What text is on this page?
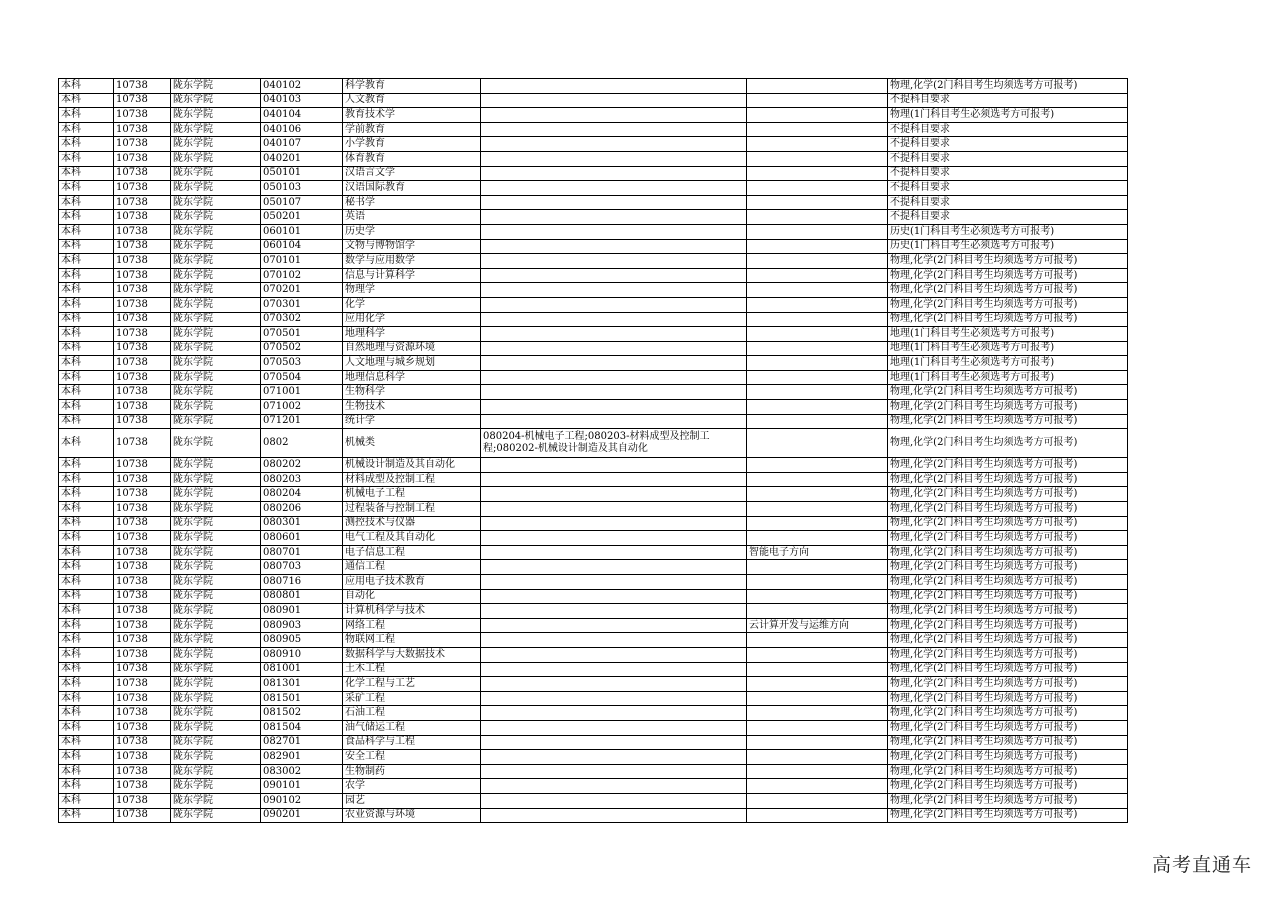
本科	10738	陇东学院	040102	科学教育			物理,化学(2门科目考生均须选考方可报考)
本科	10738	陇东学院	040103	人文教育			不提科目要求
本科	10738	陇东学院	040104	教育技术学			物理(1门科目考生必须选考方可报考)
本科	10738	陇东学院	040106	学前教育			不提科目要求
本科	10738	陇东学院	040107	小学教育			不提科目要求
本科	10738	陇东学院	040201	体育教育			不提科目要求
本科	10738	陇东学院	050101	汉语言文学			不提科目要求
本科	10738	陇东学院	050103	汉语国际教育			不提科目要求
本科	10738	陇东学院	050107	秘书学			不提科目要求
本科	10738	陇东学院	050201	英语			不提科目要求
本科	10738	陇东学院	060101	历史学			历史(1门科目考生必须选考方可报考)
本科	10738	陇东学院	060104	文物与博物馆学			历史(1门科目考生必须选考方可报考)
本科	10738	陇东学院	070101	数学与应用数学			物理,化学(2门科目考生均须选考方可报考)
本科	10738	陇东学院	070102	信息与计算科学			物理,化学(2门科目考生均须选考方可报考)
本科	10738	陇东学院	070201	物理学			物理,化学(2门科目考生均须选考方可报考)
本科	10738	陇东学院	070301	化学			物理,化学(2门科目考生均须选考方可报考)
本科	10738	陇东学院	070302	应用化学			物理,化学(2门科目考生均须选考方可报考)
本科	10738	陇东学院	070501	地理科学			地理(1门科目考生必须选考方可报考)
本科	10738	陇东学院	070502	自然地理与资源环境			地理(1门科目考生必须选考方可报考)
本科	10738	陇东学院	070503	人文地理与城乡规划			地理(1门科目考生必须选考方可报考)
本科	10738	陇东学院	070504	地理信息科学			地理(1门科目考生必须选考方可报考)
本科	10738	陇东学院	071001	生物科学			物理,化学(2门科目考生均须选考方可报考)
本科	10738	陇东学院	071002	生物技术			物理,化学(2门科目考生均须选考方可报考)
本科	10738	陇东学院	071201	统计学			物理,化学(2门科目考生均须选考方可报考)
本科	10738	陇东学院	0802	机械类	080204-机械电子工程;080203-材料成型及控制工程;080202-机械设计制造及其自动化		物理,化学(2门科目考生均须选考方可报考)
本科	10738	陇东学院	080202	机械设计制造及其自动化			物理,化学(2门科目考生均须选考方可报考)
本科	10738	陇东学院	080203	材料成型及控制工程			物理,化学(2门科目考生均须选考方可报考)
本科	10738	陇东学院	080204	机械电子工程			物理,化学(2门科目考生均须选考方可报考)
本科	10738	陇东学院	080206	过程装备与控制工程			物理,化学(2门科目考生均须选考方可报考)
本科	10738	陇东学院	080301	测控技术与仪器			物理,化学(2门科目考生均须选考方可报考)
本科	10738	陇东学院	080601	电气工程及其自动化			物理,化学(2门科目考生均须选考方可报考)
本科	10738	陇东学院	080701	电子信息工程		智能电子方向	物理,化学(2门科目考生均须选考方可报考)
本科	10738	陇东学院	080703	通信工程			物理,化学(2门科目考生均须选考方可报考)
本科	10738	陇东学院	080716	应用电子技术教育			物理,化学(2门科目考生均须选考方可报考)
本科	10738	陇东学院	080801	自动化			物理,化学(2门科目考生均须选考方可报考)
本科	10738	陇东学院	080901	计算机科学与技术			物理,化学(2门科目考生均须选考方可报考)
本科	10738	陇东学院	080903	网络工程		云计算开发与运维方向	物理,化学(2门科目考生均须选考方可报考)
本科	10738	陇东学院	080905	物联网工程			物理,化学(2门科目考生均须选考方可报考)
本科	10738	陇东学院	080910	数据科学与大数据技术			物理,化学(2门科目考生均须选考方可报考)
本科	10738	陇东学院	081001	土木工程			物理,化学(2门科目考生均须选考方可报考)
本科	10738	陇东学院	081301	化学工程与工艺			物理,化学(2门科目考生均须选考方可报考)
本科	10738	陇东学院	081501	采矿工程			物理,化学(2门科目考生均须选考方可报考)
本科	10738	陇东学院	081502	石油工程			物理,化学(2门科目考生均须选考方可报考)
本科	10738	陇东学院	081504	油气储运工程			物理,化学(2门科目考生均须选考方可报考)
本科	10738	陇东学院	082701	食品科学与工程			物理,化学(2门科目考生均须选考方可报考)
本科	10738	陇东学院	082901	安全工程			物理,化学(2门科目考生均须选考方可报考)
本科	10738	陇东学院	083002	生物制药			物理,化学(2门科目考生均须选考方可报考)
本科	10738	陇东学院	090101	农学			物理,化学(2门科目考生均须选考方可报考)
本科	10738	陇东学院	090102	园艺			物理,化学(2门科目考生均须选考方可报考)
本科	10738	陇东学院	090201	农业资源与环境			物理,化学(2门科目考生均须选考方可报考)
高考直通车
